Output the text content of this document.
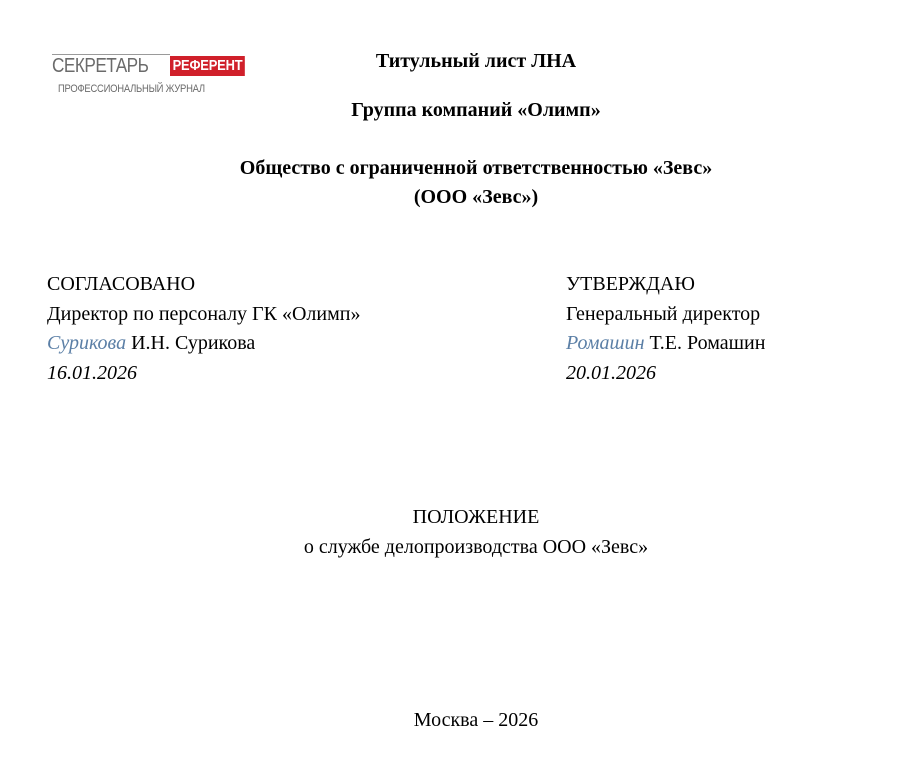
СЕКРЕТАРЬ	РЕФЕРЕНТ
ПРОФЕССИОНАЛЬНЫЙ ЖУРНАЛ
Титульный лист ЛНА
Группа компаний «Олимп»
Общество с ограниченной ответственностью «Зевс»
(ООО «Зевс»)
СОГЛАСОВАНО
Директор по персоналу ГК «Олимп»
Сурикова И.Н. Сурикова
16.01.2026
УТВЕРЖДАЮ
Генеральный директор
Ромашин Т.Е. Ромашин
20.01.2026
ПОЛОЖЕНИЕ
о службе делопроизводства ООО «Зевс»
Москва – 2026
